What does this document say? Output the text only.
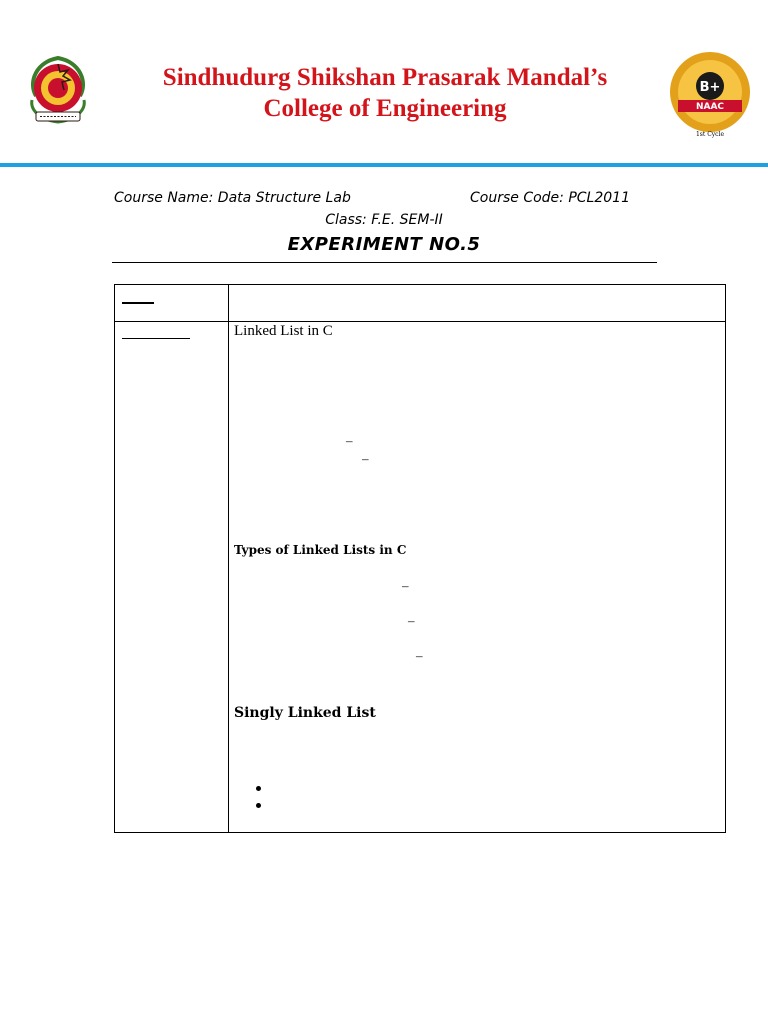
Sindhudurg Shikshan Prasarak Mandal’s
College of Engineering
B+
NAAC
1st Cycle
Course Name: Data Structure Lab	Course Code: PCL2011
Class: F.E. SEM-II
EXPERIMENT NO.5
Linked List in C
–
–
Types of Linked Lists in C
–
–
–
Singly Linked List
